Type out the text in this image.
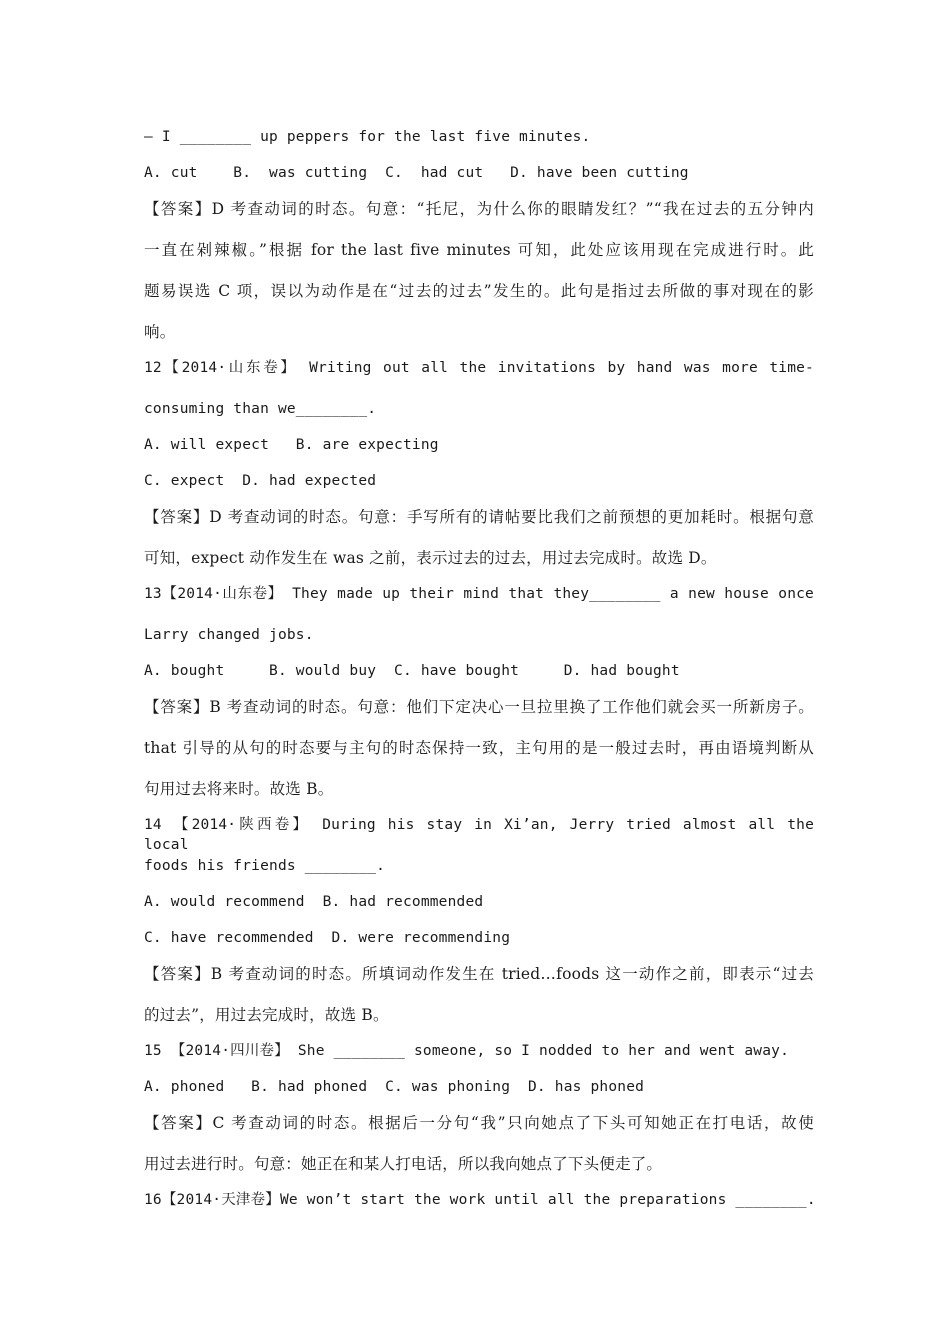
— I ________ up peppers for the last five minutes.
A. cut    B.  was cutting  C.  had cut   D. have been cutting
【答案】D 考查动词的时态。句意：“托尼，为什么你的眼睛发红？”“我在过去的五分钟内
一直在剁辣椒。”根据 for the last five minutes 可知，此处应该用现在完成进行时。此
题易误选 C 项，误以为动作是在“过去的过去”发生的。此句是指过去所做的事对现在的影
响。
12【2014·山东卷】 Writing out all the invitations by hand was more time-
consuming than we________.
A. will expect   B. are expecting
C. expect  D. had expected
【答案】D 考查动词的时态。句意：手写所有的请帖要比我们之前预想的更加耗时。根据句意
可知，expect 动作发生在 was 之前，表示过去的过去，用过去完成时。故选 D。
13【2014·山东卷】 They made up their mind that they________ a new house once
Larry changed jobs.
A. bought     B. would buy  C. have bought     D. had bought
【答案】B 考查动词的时态。句意：他们下定决心一旦拉里换了工作他们就会买一所新房子。
that 引导的从句的时态要与主句的时态保持一致，主句用的是一般过去时，再由语境判断从
句用过去将来时。故选 B。
14 【2014·陕西卷】 During his stay in Xi’an, Jerry tried almost all the local
foods his friends ________.
A. would recommend  B. had recommended
C. have recommended  D. were recommending
【答案】B 考查动词的时态。所填词动作发生在 tried…foods 这一动作之前，即表示“过去
的过去”，用过去完成时，故选 B。
15 【2014·四川卷】 She ________ someone, so I nodded to her and went away.
A. phoned   B. had phoned  C. was phoning  D. has phoned
【答案】C 考查动词的时态。根据后一分句“我”只向她点了下头可知她正在打电话，故使
用过去进行时。句意：她正在和某人打电话，所以我向她点了下头便走了。
16【2014·天津卷】We won’t start the work until all the preparations ________.
